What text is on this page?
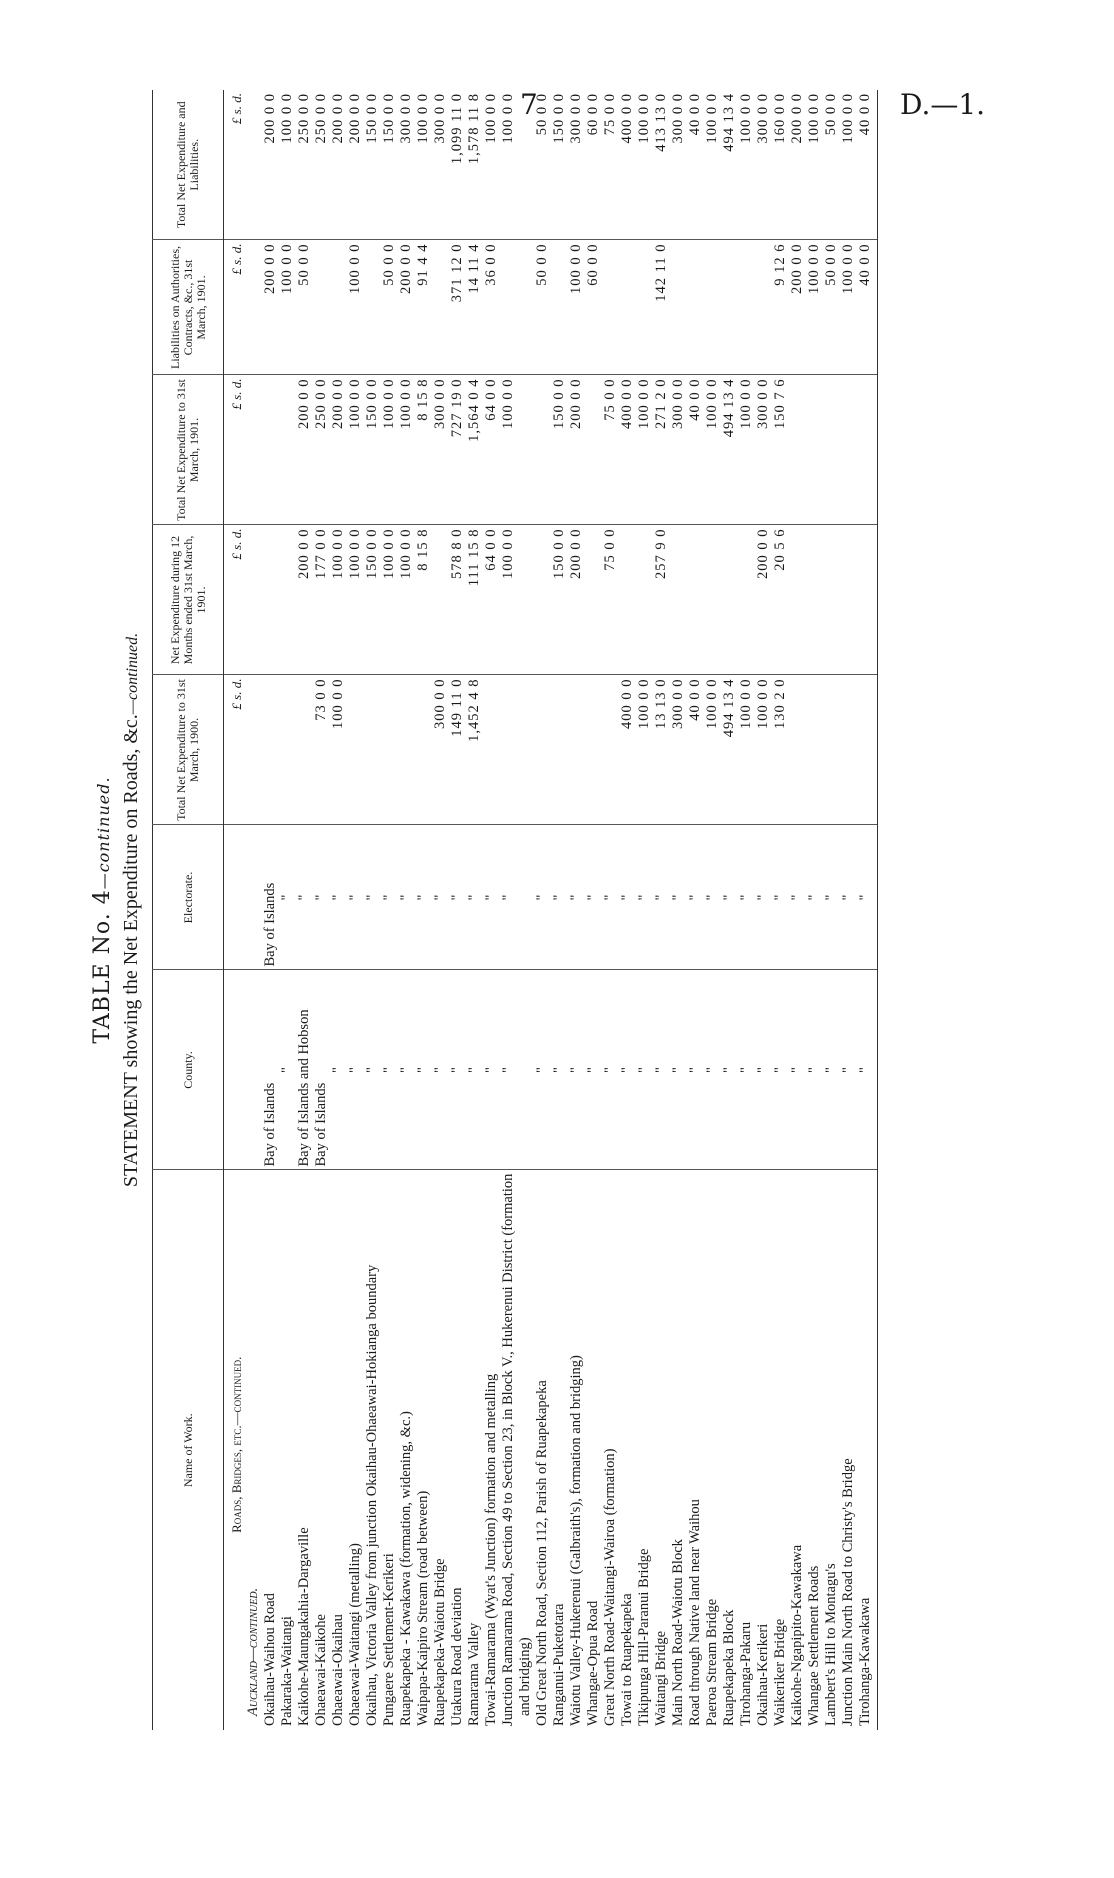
7	D.—1.
TABLE No. 4—continued. STATEMENT showing the Net Expenditure on Roads, &c.—continued.
Name of Work.	County.	Electorate.	Total Net Expenditure to 31st March, 1900.	Net Expenditure during 12 Months ended 31st March, 1901.	Total Net Expenditure to 31st March, 1901.	Liabilities on Authorities, Contracts, &c., 31st March, 1901.	Total Net Expenditure and Liabilities.
Roads, Bridges, etc.—continued.			£ s. d.	£ s. d.	£ s. d.	£ s. d.	£ s. d.
Auckland—continued.							
Okaihau-Waihou Road	Bay of Islands	Bay of Islands				200 0 0	200 0 0
Pakaraka-Waitangi	"	"				100 0 0	100 0 0
Kaikohe-Maungakahia-Dargaville	Bay of Islands and Hobson	"		200 0 0	200 0 0	50 0 0	250 0 0
Ohaeawai-Kaikohe	Bay of Islands	"	73 0 0	177 0 0	250 0 0		250 0 0
Ohaeawai-Okaihau	"	"	100 0 0	100 0 0	200 0 0		200 0 0
Ohaeawai-Waitangi (metalling)	"	"		100 0 0	100 0 0	100 0 0	200 0 0
Okaihau, Victoria Valley from junction Okaihau-Ohaeawai-Hokianga boundary	"	"		150 0 0	150 0 0		150 0 0
Pungaere Settlement-Kerikeri	"	"		100 0 0	100 0 0	50 0 0	150 0 0
Ruapekapeka - Kawakawa (formation, widening, &c.)	"	"		100 0 0	100 0 0	200 0 0	300 0 0
Waipapa-Kaipiro Stream (road between)	"	"		8 15 8	8 15 8	91 4 4	100 0 0
Ruapekapeka-Waiotu Bridge	"	"	300 0 0		300 0 0		300 0 0
Utakura Road deviation	"	"	149 11 0	578 8 0	727 19 0	371 12 0	1,099 11 0
Ramarama Valley	"	"	1,452 4 8	111 15 8	1,564 0 4	14 11 4	1,578 11 8
Towai-Ramarama (Wyat's Junction) formation and metalling	"	"		64 0 0	64 0 0	36 0 0	100 0 0
Junction Ramarama Road, Section 49 to Section 23, in Block V., Hukerenui District (formation and bridging)	"	"		100 0 0	100 0 0		100 0 0
Old Great North Road, Section 112, Parish of Ruapekapeka	"	"				50 0 0	50 0 0
Ranganui-Puketotara	"	"		150 0 0	150 0 0		150 0 0
Waiotu Valley-Hukerenui (Galbraith's), formation and bridging)	"	"		200 0 0	200 0 0	100 0 0	300 0 0
Whangae-Opua Road	"	"				60 0 0	60 0 0
Great North Road-Waitangi-Wairoa (formation)	"	"		75 0 0	75 0 0		75 0 0
Towai to Ruapekapeka	"	"	400 0 0		400 0 0		400 0 0
Tikipunga Hill-Paranui Bridge	"	"	100 0 0		100 0 0		100 0 0
Waitangi Bridge	"	"	13 13 0	257 9 0	271 2 0	142 11 0	413 13 0
Main North Road-Waiotu Block	"	"	300 0 0		300 0 0		300 0 0
Road through Native land near Waihou	"	"	40 0 0		40 0 0		40 0 0
Paeroa Stream Bridge	"	"	100 0 0		100 0 0		100 0 0
Ruapekapeka Block	"	"	494 13 4		494 13 4		494 13 4
Tirohanga-Pakaru	"	"	100 0 0		100 0 0		100 0 0
Okaihau-Kerikeri	"	"	100 0 0	200 0 0	300 0 0		300 0 0
Waikeriker Bridge	"	"	130 2 0	20 5 6	150 7 6	9 12 6	160 0 0
Kaikohe-Ngapipito-Kawakawa	"	"				200 0 0	200 0 0
Whangae Settlement Roads	"	"				100 0 0	100 0 0
Lambert's Hill to Montagu's	"	"				50 0 0	50 0 0
Junction Main North Road to Christy's Bridge	"	"				100 0 0	100 0 0
Tirohanga-Kawakawa	"	"				40 0 0	40 0 0
